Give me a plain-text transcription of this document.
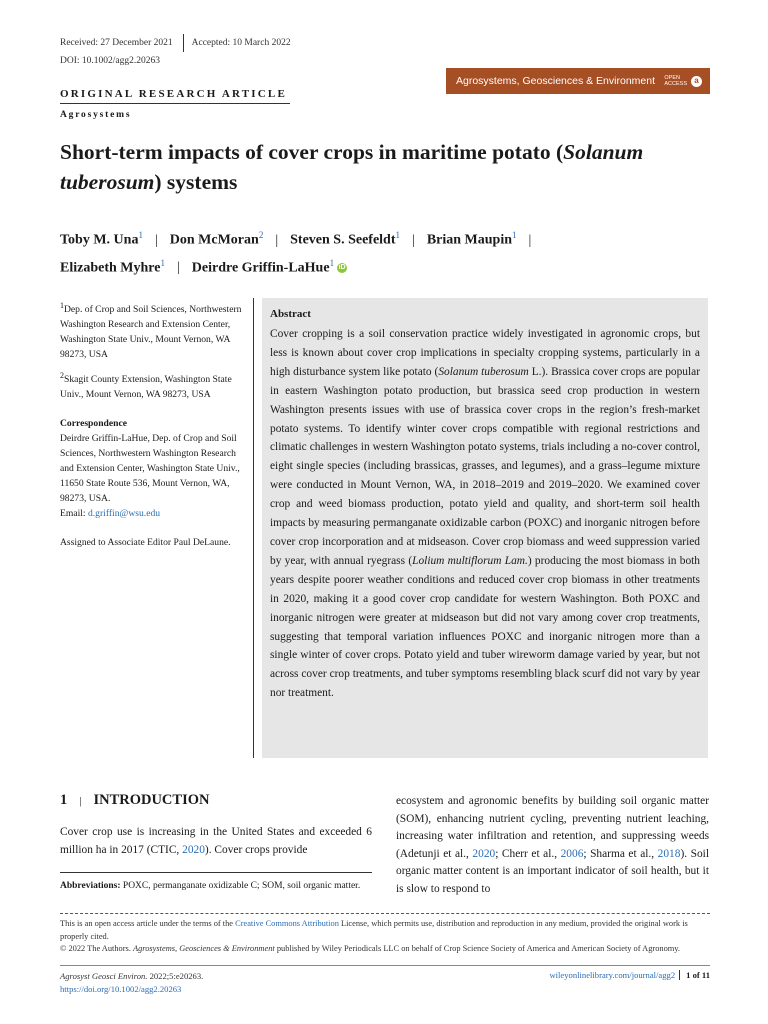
Received: 27 December 2021 Accepted: 10 March 2022
DOI: 10.1002/agg2.20263
Agrosystems, Geosciences & Environment OPEN
ACCESS a
ORIGINAL RESEARCH ARTICLE
Agrosystems
Short-term impacts of cover crops in maritime potato (Solanum
tuberosum) systems
Toby M. Una$^1$ | Don McMoran$^2$ | Steven S. Seefeldt$^1$ | Brian Maupin$^1$ |
Elizabeth Myhre$^1$ | Deirdre Griffin-LaHue$^1$ iD

$^1$Dep. of Crop and Soil Sciences, Northwestern Washington Research and Extension Center, Washington State Univ., Mount Vernon, WA 98273, USA

$^2$Skagit County Extension, Washington State Univ., Mount Vernon, WA 98273, USA

Correspondence

Deirdre Griffin-LaHue, Dep. of Crop and Soil Sciences, Northwestern Washington Research and Extension Center, Washington State Univ., 11650 State Route 536, Mount Vernon, WA, 98273, USA.

Email: d.griffin@wsu.edu

Assigned to Associate Editor Paul DeLaune.

Abstract
Cover cropping is a soil conservation practice widely investigated in agronomic crops, but less is known about cover crop implications in specialty cropping systems, particularly in a high disturbance system like potato (Solanum tuberosum L.). Brassica cover crops are popular in eastern Washington potato production, but brassica seed crop production in western Washington presents issues with use of brassica cover crops in the region’s fresh-market potato systems. To identify winter cover crops compatible with regional restrictions and climatic challenges in western Washington potato systems, trials including a no-cover control, eight single species (including brassicas, grasses, and legumes), and a grass–legume mixture were conducted in Mount Vernon, WA, in 2018–2019 and 2019–2020. We examined cover crop and weed biomass production, potato yield and quality, and short-term soil health impacts by measuring permanganate oxidizable carbon (POXC) and inorganic nitrogen before cover crop incorporation and at midseason. Cover crop biomass and weed suppression varied by year, with annual ryegrass (Lolium multiflorum Lam.) producing the most biomass in both years despite poorer weather conditions and reduced cover crop biomass in other treatments in 2020, making it a good cover crop candidate for western Washington. Both POXC and inorganic nitrogen were greater at midseason but did not vary among cover crop treatments, suggesting that temporal variation influences POXC and inorganic nitrogen more than a single winter of cover crops. Potato yield and tuber wireworm damage varied by year, but not across cover crop treatments, and tuber symptoms resembling black scurf did not vary by year nor treatment.
1 | INTRODUCTION
Cover crop use is increasing in the United States and exceeded 6 million ha in 2017 (CTIC, 2020). Cover crops provide
ecosystem and agronomic benefits by building soil organic matter (SOM), enhancing nutrient cycling, preventing nutrient leaching, increasing water infiltration and retention, and suppressing weeds (Adetunji et al., 2020; Cherr et al., 2006; Sharma et al., 2018). Soil organic matter content is an important indicator of soil health, but it is slow to respond to
Abbreviations: POXC, permanganate oxidizable C; SOM, soil organic matter.
This is an open access article under the terms of the Creative Commons Attribution License, which permits use, distribution and reproduction in any medium, provided the original work is properly cited.
© 2022 The Authors. Agrosystems, Geosciences & Environment published by Wiley Periodicals LLC on behalf of Crop Science Society of America and American Society of Agronomy.
Agrosyst Geosci Environ. 2022;5:e20263.
https://doi.org/10.1002/agg2.20263
wileyonlinelibrary.com/journal/agg2 1 of 11
